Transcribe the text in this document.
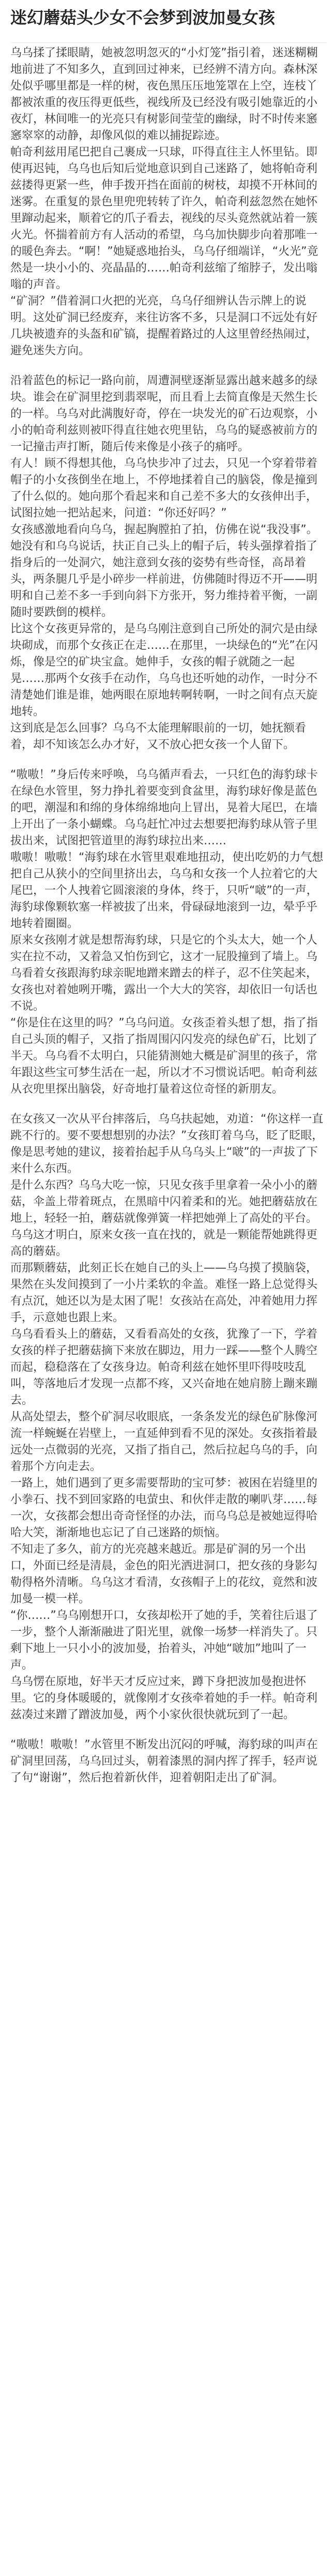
迷幻蘑菇头少女不会梦到波加曼女孩

乌乌揉了揉眼睛，她被忽明忽灭的“小灯笼”指引着，迷迷糊糊地前进了不知多久，直到回过神来，已经辨不清方向。森林深处似乎哪里都是一样的树，夜色黑压压地笼罩在上空，连枝丫都被浓重的夜压得更低些，视线所及已经没有吸引她靠近的小夜灯，林间唯一的光亮只有树影间莹莹的幽绿，时不时传来窸窸窣窣的动静，却像风似的难以捕捉踪迹。

帕奇利兹用尾巴把自己裹成一只球，吓得直往主人怀里钻。即使再迟钝，乌乌也后知后觉地意识到自己迷路了，她将帕奇利兹搂得更紧一些，伸手拨开挡在面前的树枝，却摸不开林间的迷雾。在重复的景色里兜兜转转了许久，帕奇利兹忽然在她怀里蹿动起来，顺着它的爪子看去，视线的尽头竟然就站着一簇火光。怀揣着前方有人活动的希望，乌乌加快脚步向着那唯一的暖色奔去。“啊！”她疑惑地抬头，乌乌仔细端详，“火光”竟然是一块小小的、亮晶晶的……帕奇利兹缩了缩脖子，发出嗡嗡的声音。

“矿洞？”借着洞口火把的光亮，乌乌仔细辨认告示牌上的说明。这处矿洞已经废弃，来往访客不多，只是洞口不远处有好几块被遗弃的头盔和矿镐，提醒着路过的人这里曾经热闹过，避免迷失方向。

沿着蓝色的标记一路向前，周遭洞壁逐渐显露出越来越多的绿块。谁会在矿洞里挖到翡翠呢，而且看上去简直像是天然生长的一样。乌乌对此满腹好奇，停在一块发光的矿石边观察，小小的帕奇利兹则被吓得直往她衣兜里钻，乌乌的疑惑被前方的一记撞击声打断，随后传来像是小孩子的痛呼。

有人！顾不得想其他，乌乌快步冲了过去，只见一个穿着带着帽子的小女孩倒坐在地上，不停地揉着自己的脑袋，像是撞到了什么似的。她向那个看起来和自己差不多大的女孩伸出手，试图拉她一把站起来，问道：“你还好吗？”

女孩感激地看向乌乌，握起胸膛拍了拍，仿佛在说“我没事”。她没有和乌乌说话，扶正自己头上的帽子后，转头强撑着指了指身后的一处洞穴，她注意到女孩的姿势有些奇怪，高昂着头，两条腿几乎是小碎步一样前进，仿佛随时得迈不开——明明和自己差不多一手到向斜下方张开，努力维持着平衡，一副随时要跌倒的模样。

比这个女孩更异常的，是乌乌刚注意到自己所处的洞穴是由绿块砌成，而那个女孩正在走……在那里，一块绿色的“光”在闪烁，像是空的矿块宝盒。她伸手，女孩的帽子就随之一起晃……那两个女孩手在动作，乌乌也还听她的动作，一时分不清楚她们谁是谁，她两眼在原地转啊转啊，一时之间有点天旋地转。

这到底是怎么回事？乌乌不太能理解眼前的一切，她抚额看着，却不知该怎么办才好，又不放心把女孩一个人留下。

“嗷嗷！”身后传来呼唤，乌乌循声看去，一只红色的海豹球卡在绿色水管里，努力挣扎着要变到食盆里，海豹球好像是蓝色的吧，潮湿和和绵的身体绵绵地向上冒出，晃着大尾巴，在墙上开出了一条小蝴蝶。乌乌赶忙冲过去想要把海豹球从管子里拔出来，试图把管道里的海豹球拉出来……

嗷嗷！嗷嗷！“海豹球在水管里艰难地扭动，使出吃奶的力气想把自己从狭小的空间里挤出去，乌乌和女孩一个人拉着它的大尾巴，一个人拽着它圆滚滚的身体，终于，只听“啵”的一声，海豹球像颗软塞一样被拔了出来，骨碌碌地滚到一边，晕乎乎地转着圈圈。

原来女孩刚才就是想帮海豹球，只是它的个头太大，她一个人实在拉不动，又着急又怕伤到它，这才一屁股撞到了墙上。乌乌看着女孩跟海豹球亲昵地蹭来蹭去的样子，忍不住笑起来，女孩也对着她咧开嘴，露出一个大大的笑容，却依旧一句话也不说。

“你是住在这里的吗？”乌乌问道。女孩歪着头想了想，指了指自己头顶的帽子，又指了指周围闪闪发亮的绿色矿石，比划了半天。乌乌看不太明白，只能猜测她大概是矿洞里的孩子，常年跟这些宝可梦生活在一起，所以才不习惯说话吧。帕奇利兹从衣兜里探出脑袋，好奇地打量着这位奇怪的新朋友。

在女孩又一次从平台摔落后，乌乌扶起她，劝道：“你这样一直跳不行的。要不要想想别的办法？”女孩盯着乌乌，眨了眨眼，像是思考她的建议，接着抬起手从乌乌头上“啵”的一声拔了下来什么东西。

是什么东西？乌乌大吃一惊，只见女孩手里拿着一朵小小的蘑菇，伞盖上带着斑点，在黑暗中闪着柔和的光。她把蘑菇放在地上，轻轻一拍，蘑菇就像弹簧一样把她弹上了高处的平台。乌乌这才明白，原来女孩一直在找的，就是一颗能帮她跳得更高的蘑菇。

而那颗蘑菇，此刻正长在她自己的头上——乌乌摸了摸脑袋，果然在头发间摸到了一小片柔软的伞盖。难怪一路上总觉得头有点沉，她还以为是太困了呢！女孩站在高处，冲着她用力挥手，示意她也跟上来。

乌乌看看头上的蘑菇，又看看高处的女孩，犹豫了一下，学着女孩的样子把蘑菇摘下来放在脚边，用力一踩——整个人腾空而起，稳稳落在了女孩身边。帕奇利兹在她怀里吓得吱吱乱叫，等落地后才发现一点都不疼，又兴奋地在她肩膀上蹦来蹦去。

从高处望去，整个矿洞尽收眼底，一条条发光的绿色矿脉像河流一样蜿蜒在岩壁上，一直延伸到看不见的深处。女孩指着最远处一点微弱的光亮，又指了指自己，然后拉起乌乌的手，向着那个方向走去。

一路上，她们遇到了更多需要帮助的宝可梦：被困在岩缝里的小拳石、找不到回家路的电萤虫、和伙伴走散的喇叭芽……每一次，女孩都会想出奇奇怪怪的办法，而乌乌总是被她逗得哈哈大笑，渐渐地也忘记了自己迷路的烦恼。

不知走了多久，前方的光亮越来越近。那是矿洞的另一个出口，外面已经是清晨，金色的阳光洒进洞口，把女孩的身影勾勒得格外清晰。乌乌这才看清，女孩帽子上的花纹，竟然和波加曼一模一样。

“你……”乌乌刚想开口，女孩却松开了她的手，笑着往后退了一步，整个人渐渐融进了阳光里，就像一场梦一样消失了。只剩下地上一只小小的波加曼，抬着头，冲她“啵加”地叫了一声。

乌乌愣在原地，好半天才反应过来，蹲下身把波加曼抱进怀里。它的身体暖暖的，就像刚才女孩牵着她的手一样。帕奇利兹凑过来蹭了蹭波加曼，两个小家伙很快就玩到了一起。

“嗷嗷！嗷嗷！”水管里不断发出沉闷的呼喊，海豹球的叫声在矿洞里回荡，乌乌回过头，朝着漆黑的洞内挥了挥手，轻声说了句“谢谢”，然后抱着新伙伴，迎着朝阳走出了矿洞。
